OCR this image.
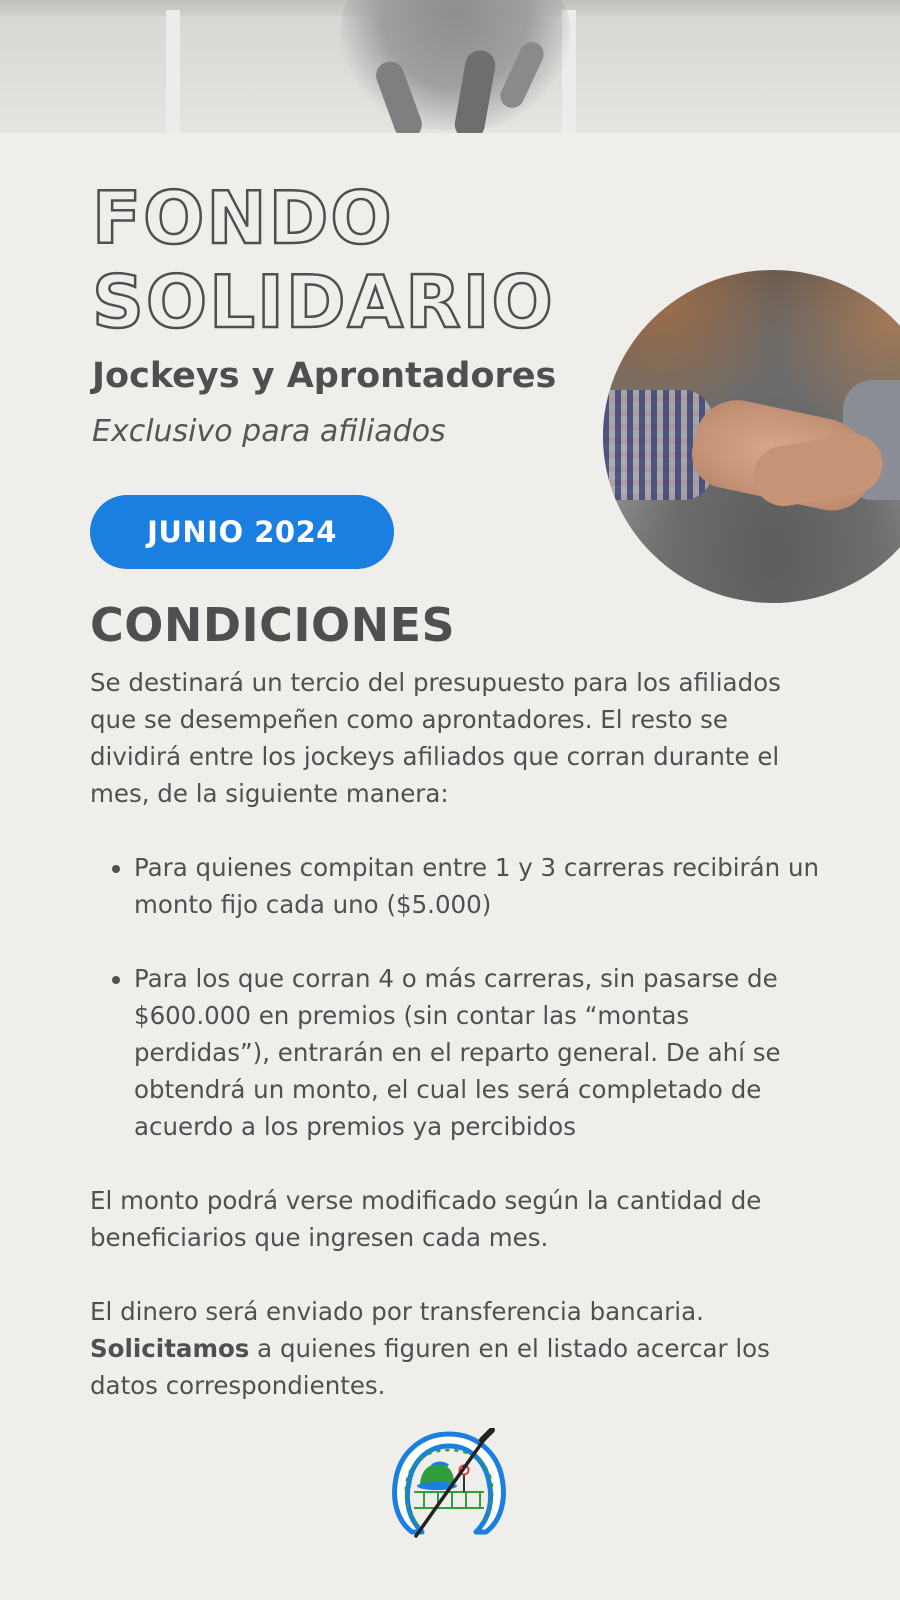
FONDO
SOLIDARIO
Jockeys y Aprontadores

Exclusivo para afiliados

JUNIO 2024
CONDICIONES

Se destinará un tercio del presupuesto para los afiliados que se desempeñen como aprontadores. El resto se dividirá entre los jockeys afiliados que corran durante el mes, de la siguiente manera:

• Para quienes compitan entre 1 y 3 carreras recibirán un monto fijo cada uno ($5.000)
• Para los que corran 4 o más carreras, sin pasarse de $600.000 en premios (sin contar las “montas perdidas”), entrarán en el reparto general. De ahí se obtendrá un monto, el cual les será completado de acuerdo a los premios ya percibidos

El monto podrá verse modificado según la cantidad de beneficiarios que ingresen cada mes.

El dinero será enviado por transferencia bancaria.
Solicitamos a quienes figuren en el listado acercar los datos correspondientes.
